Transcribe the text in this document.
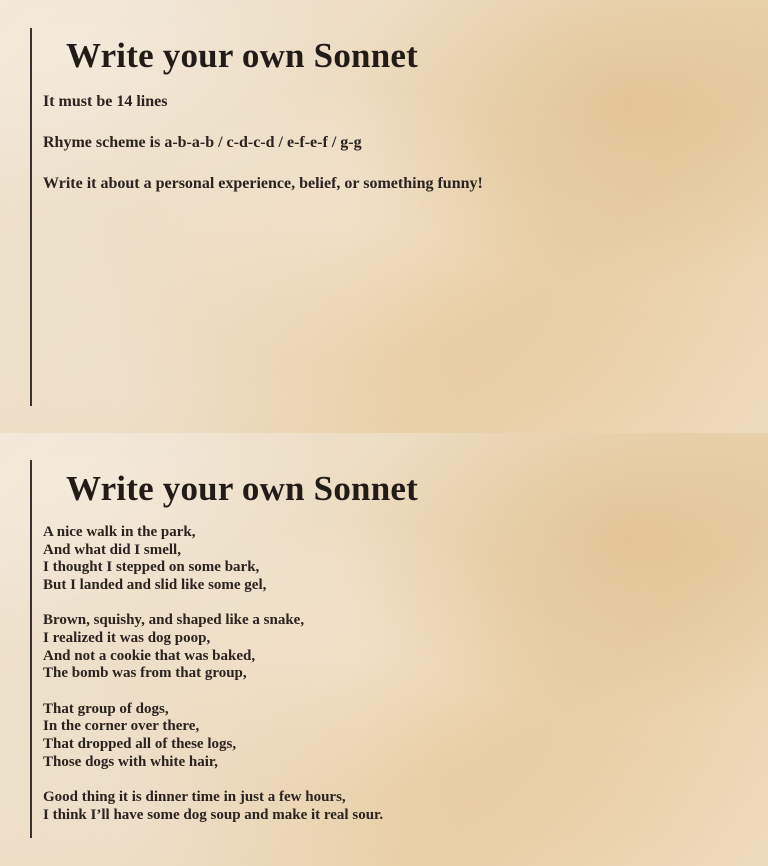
Write your own Sonnet
It must be 14 lines
Rhyme scheme is a-b-a-b / c-d-c-d / e-f-e-f / g-g
Write it about a personal experience, belief, or something funny!
Write your own Sonnet
A nice walk in the park,
And what did I smell,
I thought I stepped on some bark,
But I landed and slid like some gel,
Brown, squishy, and shaped like a snake,
I realized it was dog poop,
And not a cookie that was baked,
The bomb was from that group,
That group of dogs,
In the corner over there,
That dropped all of these logs,
Those dogs with white hair,
Good thing it is dinner time in just a few hours,
I think I’ll have some dog soup and make it real sour.
